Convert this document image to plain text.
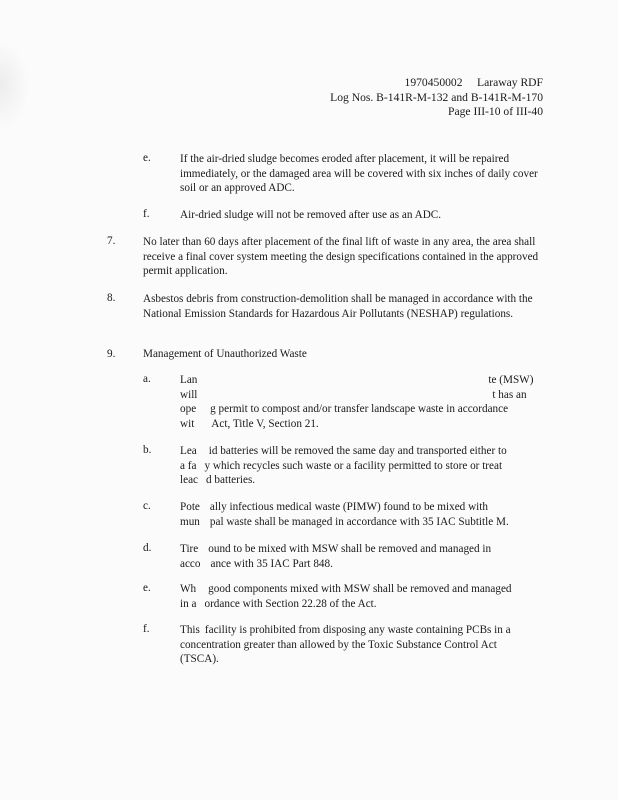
1970450002     Laraway RDF
Log Nos. B-141R-M-132 and B-141R-M-170
Page III-10 of III-40
e.	If the air-dried sludge becomes eroded after placement, it will be repaired immediately, or the damaged area will be covered with six inches of daily cover soil or an approved ADC.
f.	Air-dried sludge will not be removed after use as an ADC.
7. No later than 60 days after placement of the final lift of waste in any area, the area shall receive a final cover system meeting the design specifications contained in the approved permit application.
8. Asbestos debris from construction-demolition shall be managed in accordance with the National Emission Standards for Hazardous Air Pollutants (NESHAP) regulations.
9. Management of Unauthorized Waste
a.	Lan	te (MSW)
will	t has an
ope g permit to compost and/or transfer landscape waste in accordance
wit Act, Title V, Section 21.
b.	Lea id batteries will be removed the same day and transported either to
a fa y which recycles such waste or a facility permitted to store or treat
leac d batteries.
c.	Pote ally infectious medical waste (PIMW) found to be mixed with
mun pal waste shall be managed in accordance with 35 IAC Subtitle M.
d.	Tire ound to be mixed with MSW shall be removed and managed in
acco ance with 35 IAC Part 848.
e.	Wh good components mixed with MSW shall be removed and managed
in a ordance with Section 22.28 of the Act.
f.	This facility is prohibited from disposing any waste containing PCBs in a
concentration greater than allowed by the Toxic Substance Control Act
(TSCA).
